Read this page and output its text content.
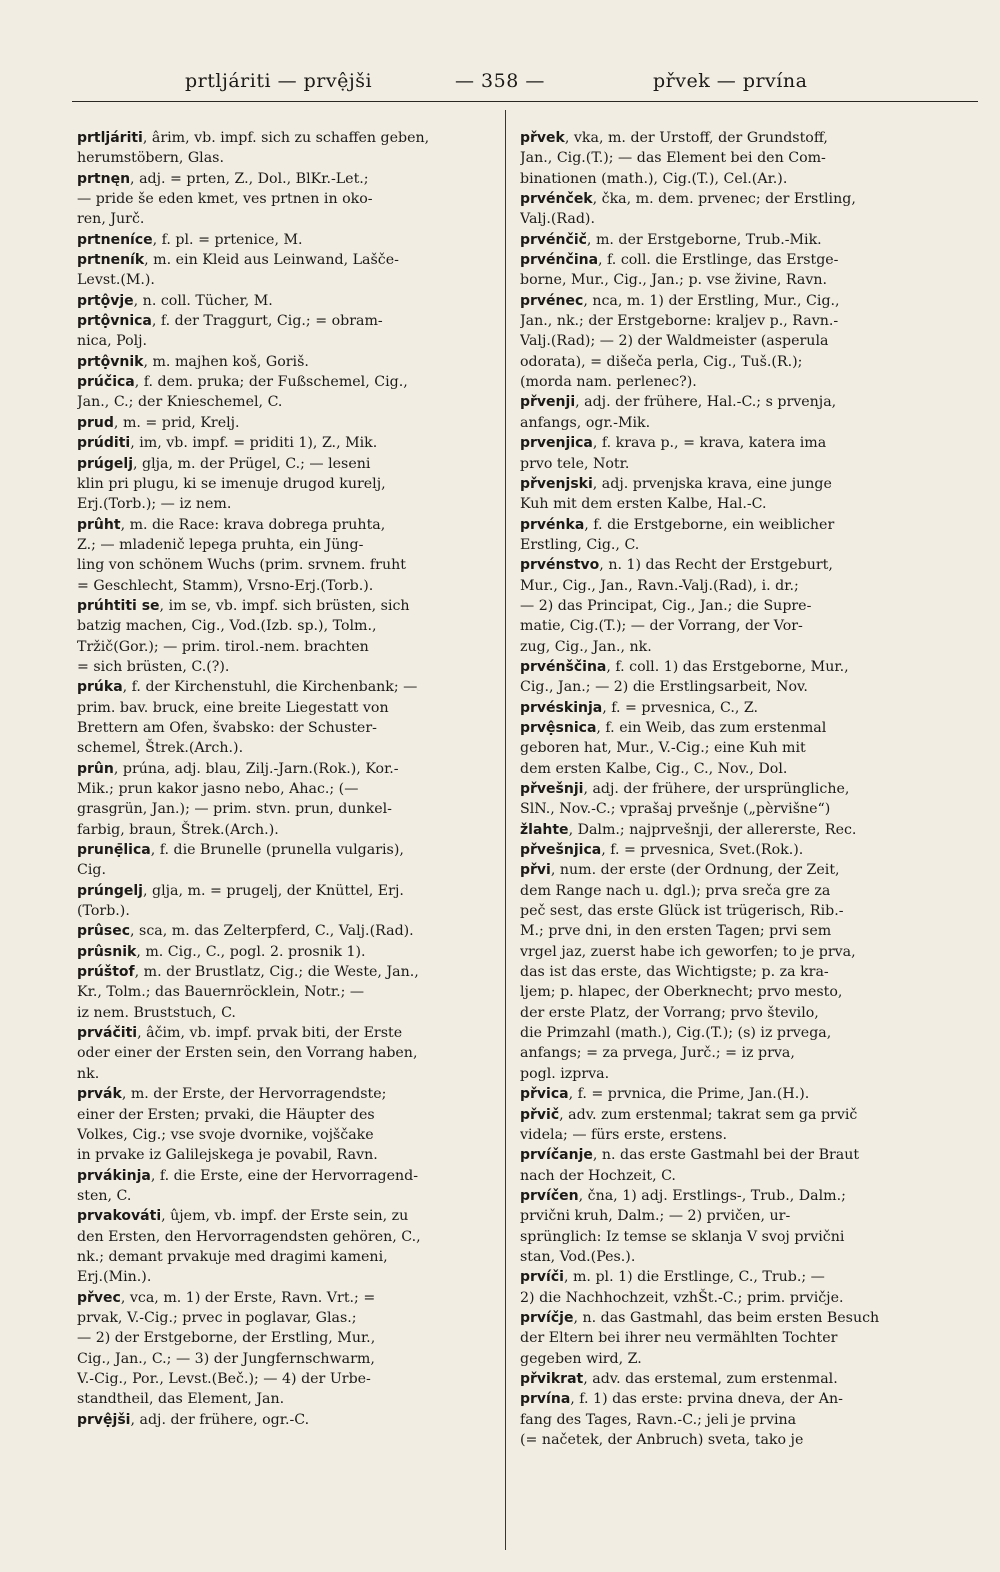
prtljáriti — prvệjši	— 358 —	přvek — prvína
prtljáriti, ârim, vb. impf. sich zu schaffen geben,
herumstöbern, Glas.
prtnęn, adj. = prten, Z., Dol., BlKr.-Let.;
— pride še eden kmet, ves prtnen in oko-
ren, Jurč.
prtneníce, f. pl. = prtenice, M.
prtneník, m. ein Kleid aus Leinwand, Lašče-
Levst.(M.).
prtộvje, n. coll. Tücher, M.
prtộvnica, f. der Traggurt, Cig.; = obram-
nica, Polj.
prtộvnik, m. majhen koš, Goriš.
prúčica, f. dem. pruka; der Fußschemel, Cig.,
Jan., C.; der Knieschemel, C.
prud, m. = prid, Krelj.
prúditi, im, vb. impf. = priditi 1), Z., Mik.
prúgelj, glja, m. der Prügel, C.; — leseni
klin pri plugu, ki se imenuje drugod kurelj,
Erj.(Torb.); — iz nem.
prûht, m. die Race: krava dobrega pruhta,
Z.; — mladenič lepega pruhta, ein Jüng-
ling von schönem Wuchs (prim. srvnem. fruht
= Geschlecht, Stamm), Vrsno-Erj.(Torb.).
prúhtiti se, im se, vb. impf. sich brüsten, sich
batzig machen, Cig., Vod.(Izb. sp.), Tolm.,
Tržič(Gor.); — prim. tirol.-nem. brachten
= sich brüsten, C.(?).
prúka, f. der Kirchenstuhl, die Kirchenbank; —
prim. bav. bruck, eine breite Liegestatt von
Brettern am Ofen, švabsko: der Schuster-
schemel, Štrek.(Arch.).
prûn, prúna, adj. blau, Zilj.-Jarn.(Rok.), Kor.-
Mik.; prun kakor jasno nebo, Ahac.; (—
grasgrün, Jan.); — prim. stvn. prun, dunkel-
farbig, braun, Štrek.(Arch.).
prunẹ̄lica, f. die Brunelle (prunella vulgaris),
Cig.
prúngelj, glja, m. = prugelj, der Knüttel, Erj.
(Torb.).
prûsec, sca, m. das Zelterpferd, C., Valj.(Rad).
prûsnik, m. Cig., C., pogl. 2. prosnik 1).
prúštof, m. der Brustlatz, Cig.; die Weste, Jan.,
Kr., Tolm.; das Bauernröcklein, Notr.; —
iz nem. Bruststuch, C.
prváčiti, âčim, vb. impf. prvak biti, der Erste
oder einer der Ersten sein, den Vorrang haben,
nk.
prvák, m. der Erste, der Hervorragendste;
einer der Ersten; prvaki, die Häupter des
Volkes, Cig.; vse svoje dvornike, vojščake
in prvake iz Galilejskega je povabil, Ravn.
prvákinja, f. die Erste, eine der Hervorragend-
sten, C.
prvakováti, ûjem, vb. impf. der Erste sein, zu
den Ersten, den Hervorragendsten gehören, C.,
nk.; demant prvakuje med dragimi kameni,
Erj.(Min.).
přvec, vca, m. 1) der Erste, Ravn. Vrt.; =
prvak, V.-Cig.; prvec in poglavar, Glas.;
— 2) der Erstgeborne, der Erstling, Mur.,
Cig., Jan., C.; — 3) der Jungfernschwarm,
V.-Cig., Por., Levst.(Beč.); — 4) der Urbe-
standtheil, das Element, Jan.
prvệjši, adj. der frühere, ogr.-C.
přvek, vka, m. der Urstoff, der Grundstoff,
Jan., Cig.(T.); — das Element bei den Com-
binationen (math.), Cig.(T.), Cel.(Ar.).
prvénček, čka, m. dem. prvenec; der Erstling,
Valj.(Rad).
prvénčič, m. der Erstgeborne, Trub.-Mik.
prvénčina, f. coll. die Erstlinge, das Erstge-
borne, Mur., Cig., Jan.; p. vse živine, Ravn.
prvénec, nca, m. 1) der Erstling, Mur., Cig.,
Jan., nk.; der Erstgeborne: kraljev p., Ravn.-
Valj.(Rad); — 2) der Waldmeister (asperula
odorata), = dišeča perla, Cig., Tuš.(R.);
(morda nam. perlenec?).
přvenji, adj. der frühere, Hal.-C.; s prvenja,
anfangs, ogr.-Mik.
prvenjica, f. krava p., = krava, katera ima
prvo tele, Notr.
přvenjski, adj. prvenjska krava, eine junge
Kuh mit dem ersten Kalbe, Hal.-C.
prvénka, f. die Erstgeborne, ein weiblicher
Erstling, Cig., C.
prvénstvo, n. 1) das Recht der Erstgeburt,
Mur., Cig., Jan., Ravn.-Valj.(Rad), i. dr.;
— 2) das Principat, Cig., Jan.; die Supre-
matie, Cig.(T.); — der Vorrang, der Vor-
zug, Cig., Jan., nk.
prvénščina, f. coll. 1) das Erstgeborne, Mur.,
Cig., Jan.; — 2) die Erstlingsarbeit, Nov.
prvéskinja, f. = prvesnica, C., Z.
prvệsnica, f. ein Weib, das zum erstenmal
geboren hat, Mur., V.-Cig.; eine Kuh mit
dem ersten Kalbe, Cig., C., Nov., Dol.
přvešnji, adj. der frühere, der ursprüngliche,
SlN., Nov.-C.; vprašaj prvešnje („pèrvišne“)
žlahte, Dalm.; najprvešnji, der allererste, Rec.
přvešnjica, f. = prvesnica, Svet.(Rok.).
přvi, num. der erste (der Ordnung, der Zeit,
dem Range nach u. dgl.); prva sreča gre za
peč sest, das erste Glück ist trügerisch, Rib.-
M.; prve dni, in den ersten Tagen; prvi sem
vrgel jaz, zuerst habe ich geworfen; to je prva,
das ist das erste, das Wichtigste; p. za kra-
ljem; p. hlapec, der Oberknecht; prvo mesto,
der erste Platz, der Vorrang; prvo število,
die Primzahl (math.), Cig.(T.); (s) iz prvega,
anfangs; = za prvega, Jurč.; = iz prva,
pogl. izprva.
přvica, f. = prvnica, die Prime, Jan.(H.).
přvič, adv. zum erstenmal; takrat sem ga prvič
videla; — fürs erste, erstens.
prvíčanje, n. das erste Gastmahl bei der Braut
nach der Hochzeit, C.
prvíčen, čna, 1) adj. Erstlings-, Trub., Dalm.;
prvični kruh, Dalm.; — 2) prvičen, ur-
sprünglich: Iz temse se sklanja V svoj prvični
stan, Vod.(Pes.).
prvíči, m. pl. 1) die Erstlinge, C., Trub.; —
2) die Nachhochzeit, vzhŠt.-C.; prim. prvičje.
prvíčje, n. das Gastmahl, das beim ersten Besuch
der Eltern bei ihrer neu vermählten Tochter
gegeben wird, Z.
přvikrat, adv. das erstemal, zum erstenmal.
prvína, f. 1) das erste: prvina dneva, der An-
fang des Tages, Ravn.-C.; jeli je prvina
(= načetek, der Anbruch) sveta, tako je
